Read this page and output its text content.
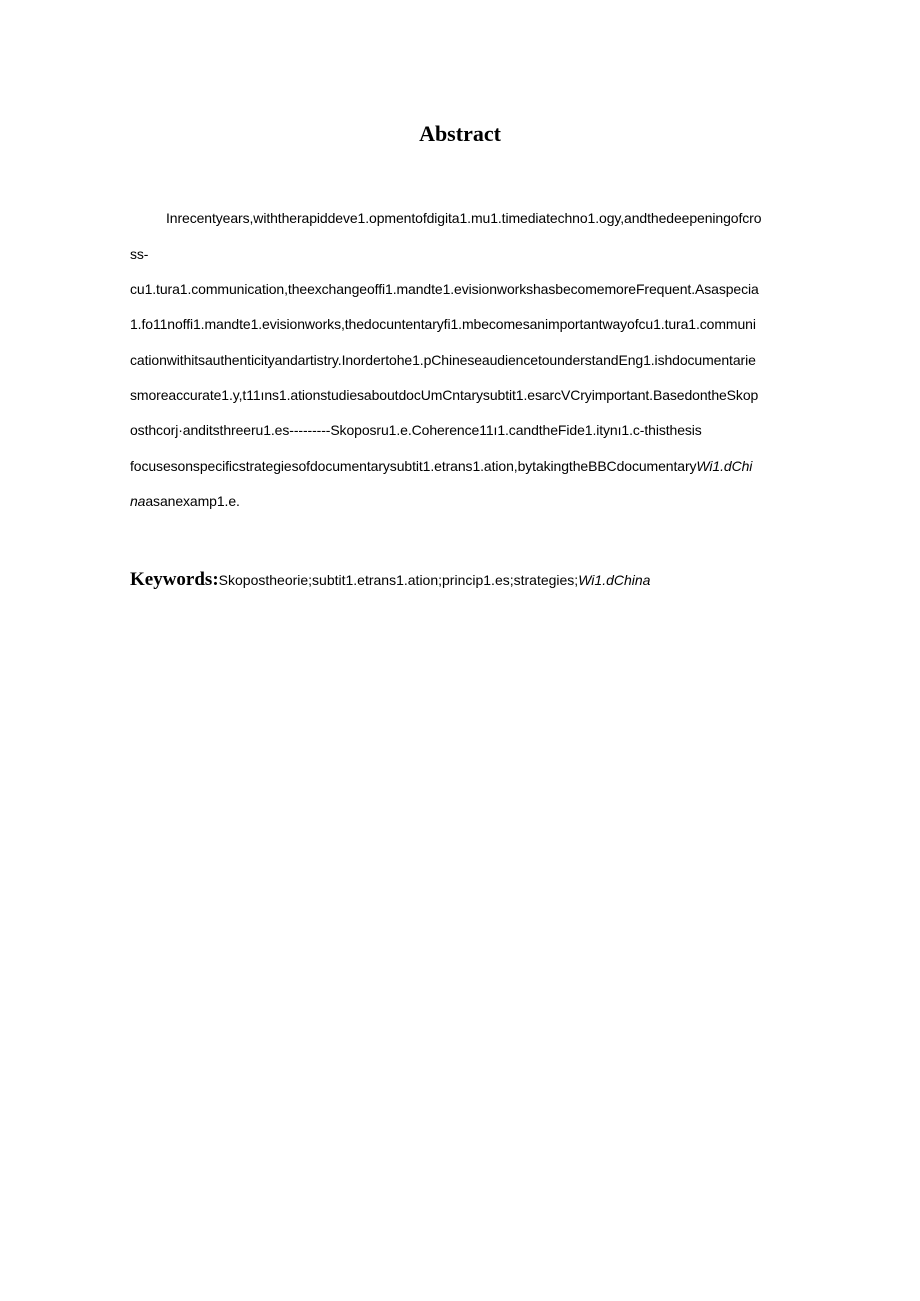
Abstract
Inrecentyears,withtherapiddeve1.opmentofdigita1.mu1.timediatechno1.ogy,andthedeepeningofcro
ss-
cu1.tura1.communication,theexchangeoffi1.mandte1.evisionworkshasbecomemoreFrequent.Asaspecia
1.fo11noffi1.mandte1.evisionworks,thedocuntentaryfi1.mbecomesanimportantwayofcu1.tura1.communi
cationwithitsauthenticityandartistry.Inordertohe1.pChineseaudiencetounderstandEng1.ishdocumentarie
smoreaccurate1.y,t11ıns1.ationstudiesaboutdocUmCntarysubtit1.esarcVCryimportant.BasedontheSkop
osthcorj·anditsthreeru1.es---------Skoposru1.e.Coherence11ı1.candtheFide1.itynı1.c-thisthesis
focusesonspecificstrategiesofdocumentarysubtit1.etrans1.ation,bytakingtheBBCdocumentaryWi1.dChi
naasanexamp1.e.
Keywords:Skopostheorie;subtit1.etrans1.ation;princip1.es;strategies;Wi1.dChina
